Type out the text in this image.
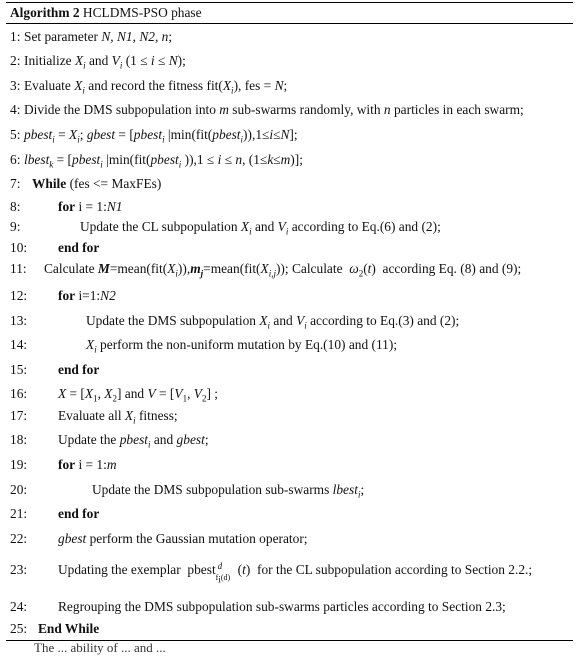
Algorithm 2 HCLDMS-PSO phase
1: Set parameter N, N1, N2, n;
2: Initialize $X_i$ and $V_i$ (1 ≤ i ≤ N);
3: Evaluate $X_i$ and record the fitness $fit(X_i)$, fes = N;
4: Divide the DMS subpopulation into m sub-swarms randomly, with n particles in each swarm;
5: pbest$_i$ = $X_i$; gbest = [pbest$_i$ |min(fit(pbest$_i$)),1≤i≤N];
6: lbest$_k$ = [pbest$_i$ |min(fit(pbest$_i$ )),1 ≤ i ≤ n, (1≤k≤m)];
7: While (fes <= MaxFEs)
8:	for i = 1:N1
9:	Update the CL subpopulation $X_i$ and $V_i$ according to Eq.(6) and (2);
10: end for
11: Calculate $M=mean(fit(X_i)),m_j=mean(fit(X_{i,j}))$; Calculate  $\omega_2(t)$  according Eq. (8) and (9);
12: for i=1:N2
13:	Update the DMS subpopulation $X_i$ and $V_i$ according to Eq.(3) and (2);
14:	$X_i$ perform the non-uniform mutation by Eq.(10) and (11);
15: end for
16: $X = [X_1$, $X_2$] and $V = [V_1$, $V_2$] ;
17: Evaluate all $X_i$ fitness;
18: Update the pbest$_i$ and gbest;
19: for i = 1:m
20:	Update the DMS subpopulation sub-swarms lbest$_i$;
21: end for
22: gbest perform the Gaussian mutation operator;
23: Updating the exemplar  pbest d
$f_i(d)$
(t)  for the CL subpopulation according to Section 2.2.;
24: Regrouping the DMS subpopulation sub-swarms particles according to Section 2.3;
25: End While
The ... ability of ... and ...
